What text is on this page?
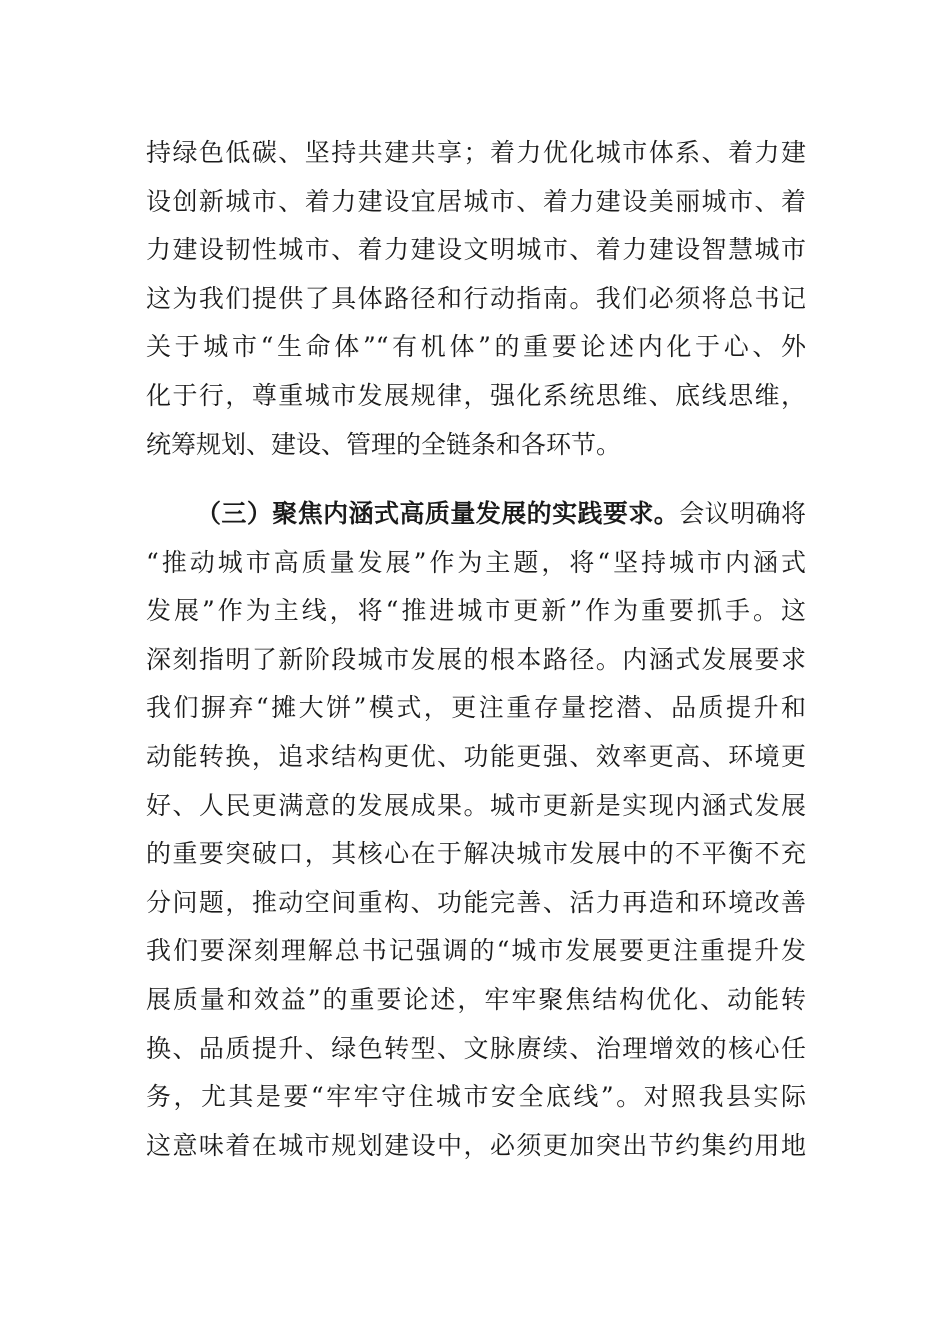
持绿色低碳、坚持共建共享；着力优化城市体系、着力建
设创新城市、着力建设宜居城市、着力建设美丽城市、着
力建设韧性城市、着力建设文明城市、着力建设智慧城市
这为我们提供了具体路径和行动指南。我们必须将总书记
关于城市“生命体”“有机体”的重要论述内化于心、外
化于行，尊重城市发展规律，强化系统思维、底线思维，
统筹规划、建设、管理的全链条和各环节。
（三）聚焦内涵式高质量发展的实践要求。会议明确将
“推动城市高质量发展”作为主题，将“坚持城市内涵式
发展”作为主线，将“推进城市更新”作为重要抓手。这
深刻指明了新阶段城市发展的根本路径。内涵式发展要求
我们摒弃“摊大饼”模式，更注重存量挖潜、品质提升和
动能转换，追求结构更优、功能更强、效率更高、环境更
好、人民更满意的发展成果。城市更新是实现内涵式发展
的重要突破口，其核心在于解决城市发展中的不平衡不充
分问题，推动空间重构、功能完善、活力再造和环境改善
我们要深刻理解总书记强调的“城市发展要更注重提升发
展质量和效益”的重要论述，牢牢聚焦结构优化、动能转
换、品质提升、绿色转型、文脉赓续、治理增效的核心任
务，尤其是要“牢牢守住城市安全底线”。对照我县实际
这意味着在城市规划建设中，必须更加突出节约集约用地
